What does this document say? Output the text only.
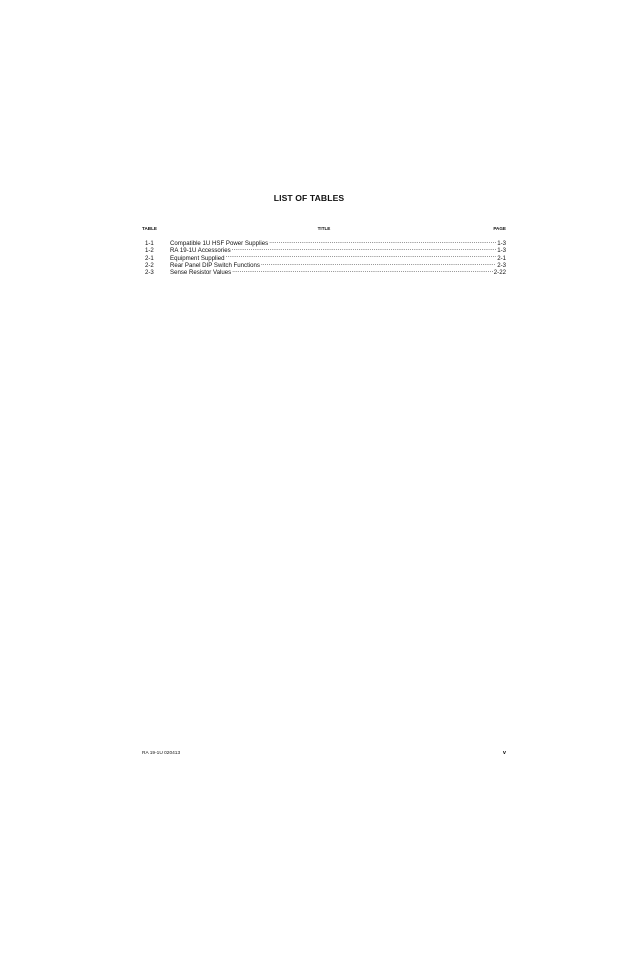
LIST OF TABLES
TABLE	TITLE	PAGE
1-1	Compatible 1U HSF Power Supplies .....	1-3
1-2	RA 19-1U Accessories .....	1-3
2-1	Equipment Supplied .....	2-1
2-2	Rear Panel DIP Switch Functions .....	2-3
2-3	Sense Resistor Values .....	2-22
RA 19-1U 020413	v
